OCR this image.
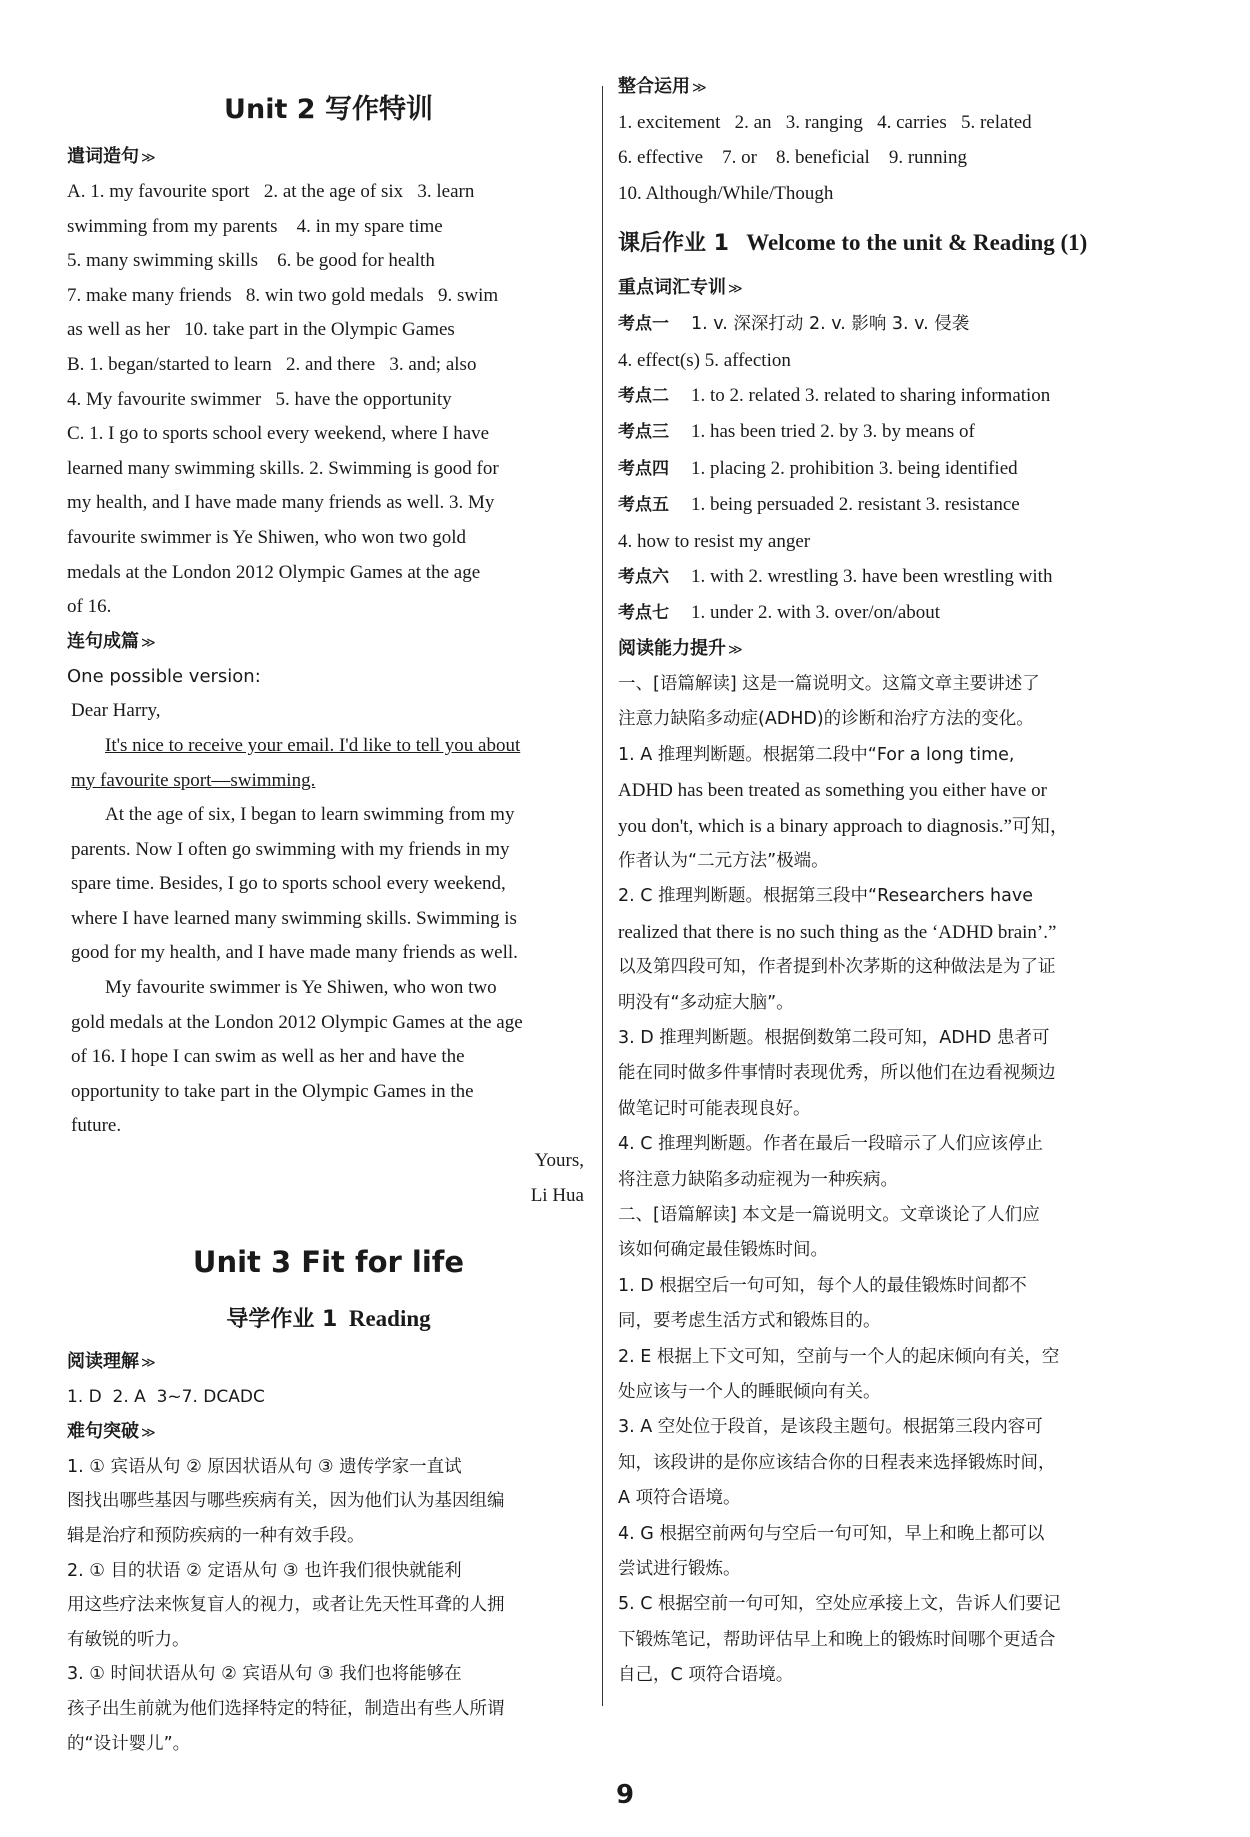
Unit 2 写作特训
遣词造句 ≫
A. 1. my favourite sport 2. at the age of six 3. learn
swimming from my parents 4. in my spare time
5. many swimming skills 6. be good for health
7. make many friends 8. win two gold medals 9. swim
as well as her 10. take part in the Olympic Games
B. 1. began/started to learn 2. and there 3. and; also
4. My favourite swimmer 5. have the opportunity
C. 1. I go to sports school every weekend, where I have
learned many swimming skills. 2. Swimming is good for
my health, and I have made many friends as well. 3. My
favourite swimmer is Ye Shiwen, who won two gold
medals at the London 2012 Olympic Games at the age
of 16.
连句成篇 ≫
One possible version:
Dear Harry,
It's nice to receive your email. I'd like to tell you about
my favourite sport—swimming.
At the age of six, I began to learn swimming from my
parents. Now I often go swimming with my friends in my
spare time. Besides, I go to sports school every weekend,
where I have learned many swimming skills. Swimming is
good for my health, and I have made many friends as well.
My favourite swimmer is Ye Shiwen, who won two
gold medals at the London 2012 Olympic Games at the age
of 16. I hope I can swim as well as her and have the
opportunity to take part in the Olympic Games in the
future.
Yours,
Li Hua
Unit 3 Fit for life
导学作业 1 Reading
阅读理解 ≫
1. D 2. A 3~7. DCADC
难句突破 ≫
1. ① 宾语从句 ② 原因状语从句 ③ 遗传学家一直试
图找出哪些基因与哪些疾病有关，因为他们认为基因组编
辑是治疗和预防疾病的一种有效手段。
2. ① 目的状语 ② 定语从句 ③ 也许我们很快就能利
用这些疗法来恢复盲人的视力，或者让先天性耳聋的人拥
有敏锐的听力。
3. ① 时间状语从句 ② 宾语从句 ③ 我们也将能够在
孩子出生前就为他们选择特定的特征，制造出有些人所谓
的“设计婴儿”。
整合运用 ≫
1. excitement 2. an 3. ranging 4. carries 5. related
6. effective 7. or 8. beneficial 9. running
10. Although/While/Though
课后作业 1 Welcome to the unit & Reading (1)
重点词汇专训 ≫
考点一 1. v. 深深打动 2. v. 影响 3. v. 侵袭
4. effect(s) 5. affection
考点二 1. to 2. related 3. related to sharing information
考点三 1. has been tried 2. by 3. by means of
考点四 1. placing 2. prohibition 3. being identified
考点五 1. being persuaded 2. resistant 3. resistance
4. how to resist my anger
考点六 1. with 2. wrestling 3. have been wrestling with
考点七 1. under 2. with 3. over/on/about
阅读能力提升 ≫
一、[语篇解读] 这是一篇说明文。这篇文章主要讲述了
注意力缺陷多动症(ADHD)的诊断和治疗方法的变化。
1. A 推理判断题。根据第二段中“For a long time,
ADHD has been treated as something you either have or
you don't, which is a binary approach to diagnosis.”可知，
作者认为“二元方法”极端。
2. C 推理判断题。根据第三段中“Researchers have
realized that there is no such thing as the ‘ADHD brain’.”
以及第四段可知，作者提到朴次茅斯的这种做法是为了证
明没有“多动症大脑”。
3. D 推理判断题。根据倒数第二段可知，ADHD 患者可
能在同时做多件事情时表现优秀，所以他们在边看视频边
做笔记时可能表现良好。
4. C 推理判断题。作者在最后一段暗示了人们应该停止
将注意力缺陷多动症视为一种疾病。
二、[语篇解读] 本文是一篇说明文。文章谈论了人们应
该如何确定最佳锻炼时间。
1. D 根据空后一句可知，每个人的最佳锻炼时间都不
同，要考虑生活方式和锻炼目的。
2. E 根据上下文可知，空前与一个人的起床倾向有关，空
处应该与一个人的睡眠倾向有关。
3. A 空处位于段首，是该段主题句。根据第三段内容可
知，该段讲的是你应该结合你的日程表来选择锻炼时间，
A 项符合语境。
4. G 根据空前两句与空后一句可知，早上和晚上都可以
尝试进行锻炼。
5. C 根据空前一句可知，空处应承接上文，告诉人们要记
下锻炼笔记，帮助评估早上和晚上的锻炼时间哪个更适合
自己，C 项符合语境。
9
